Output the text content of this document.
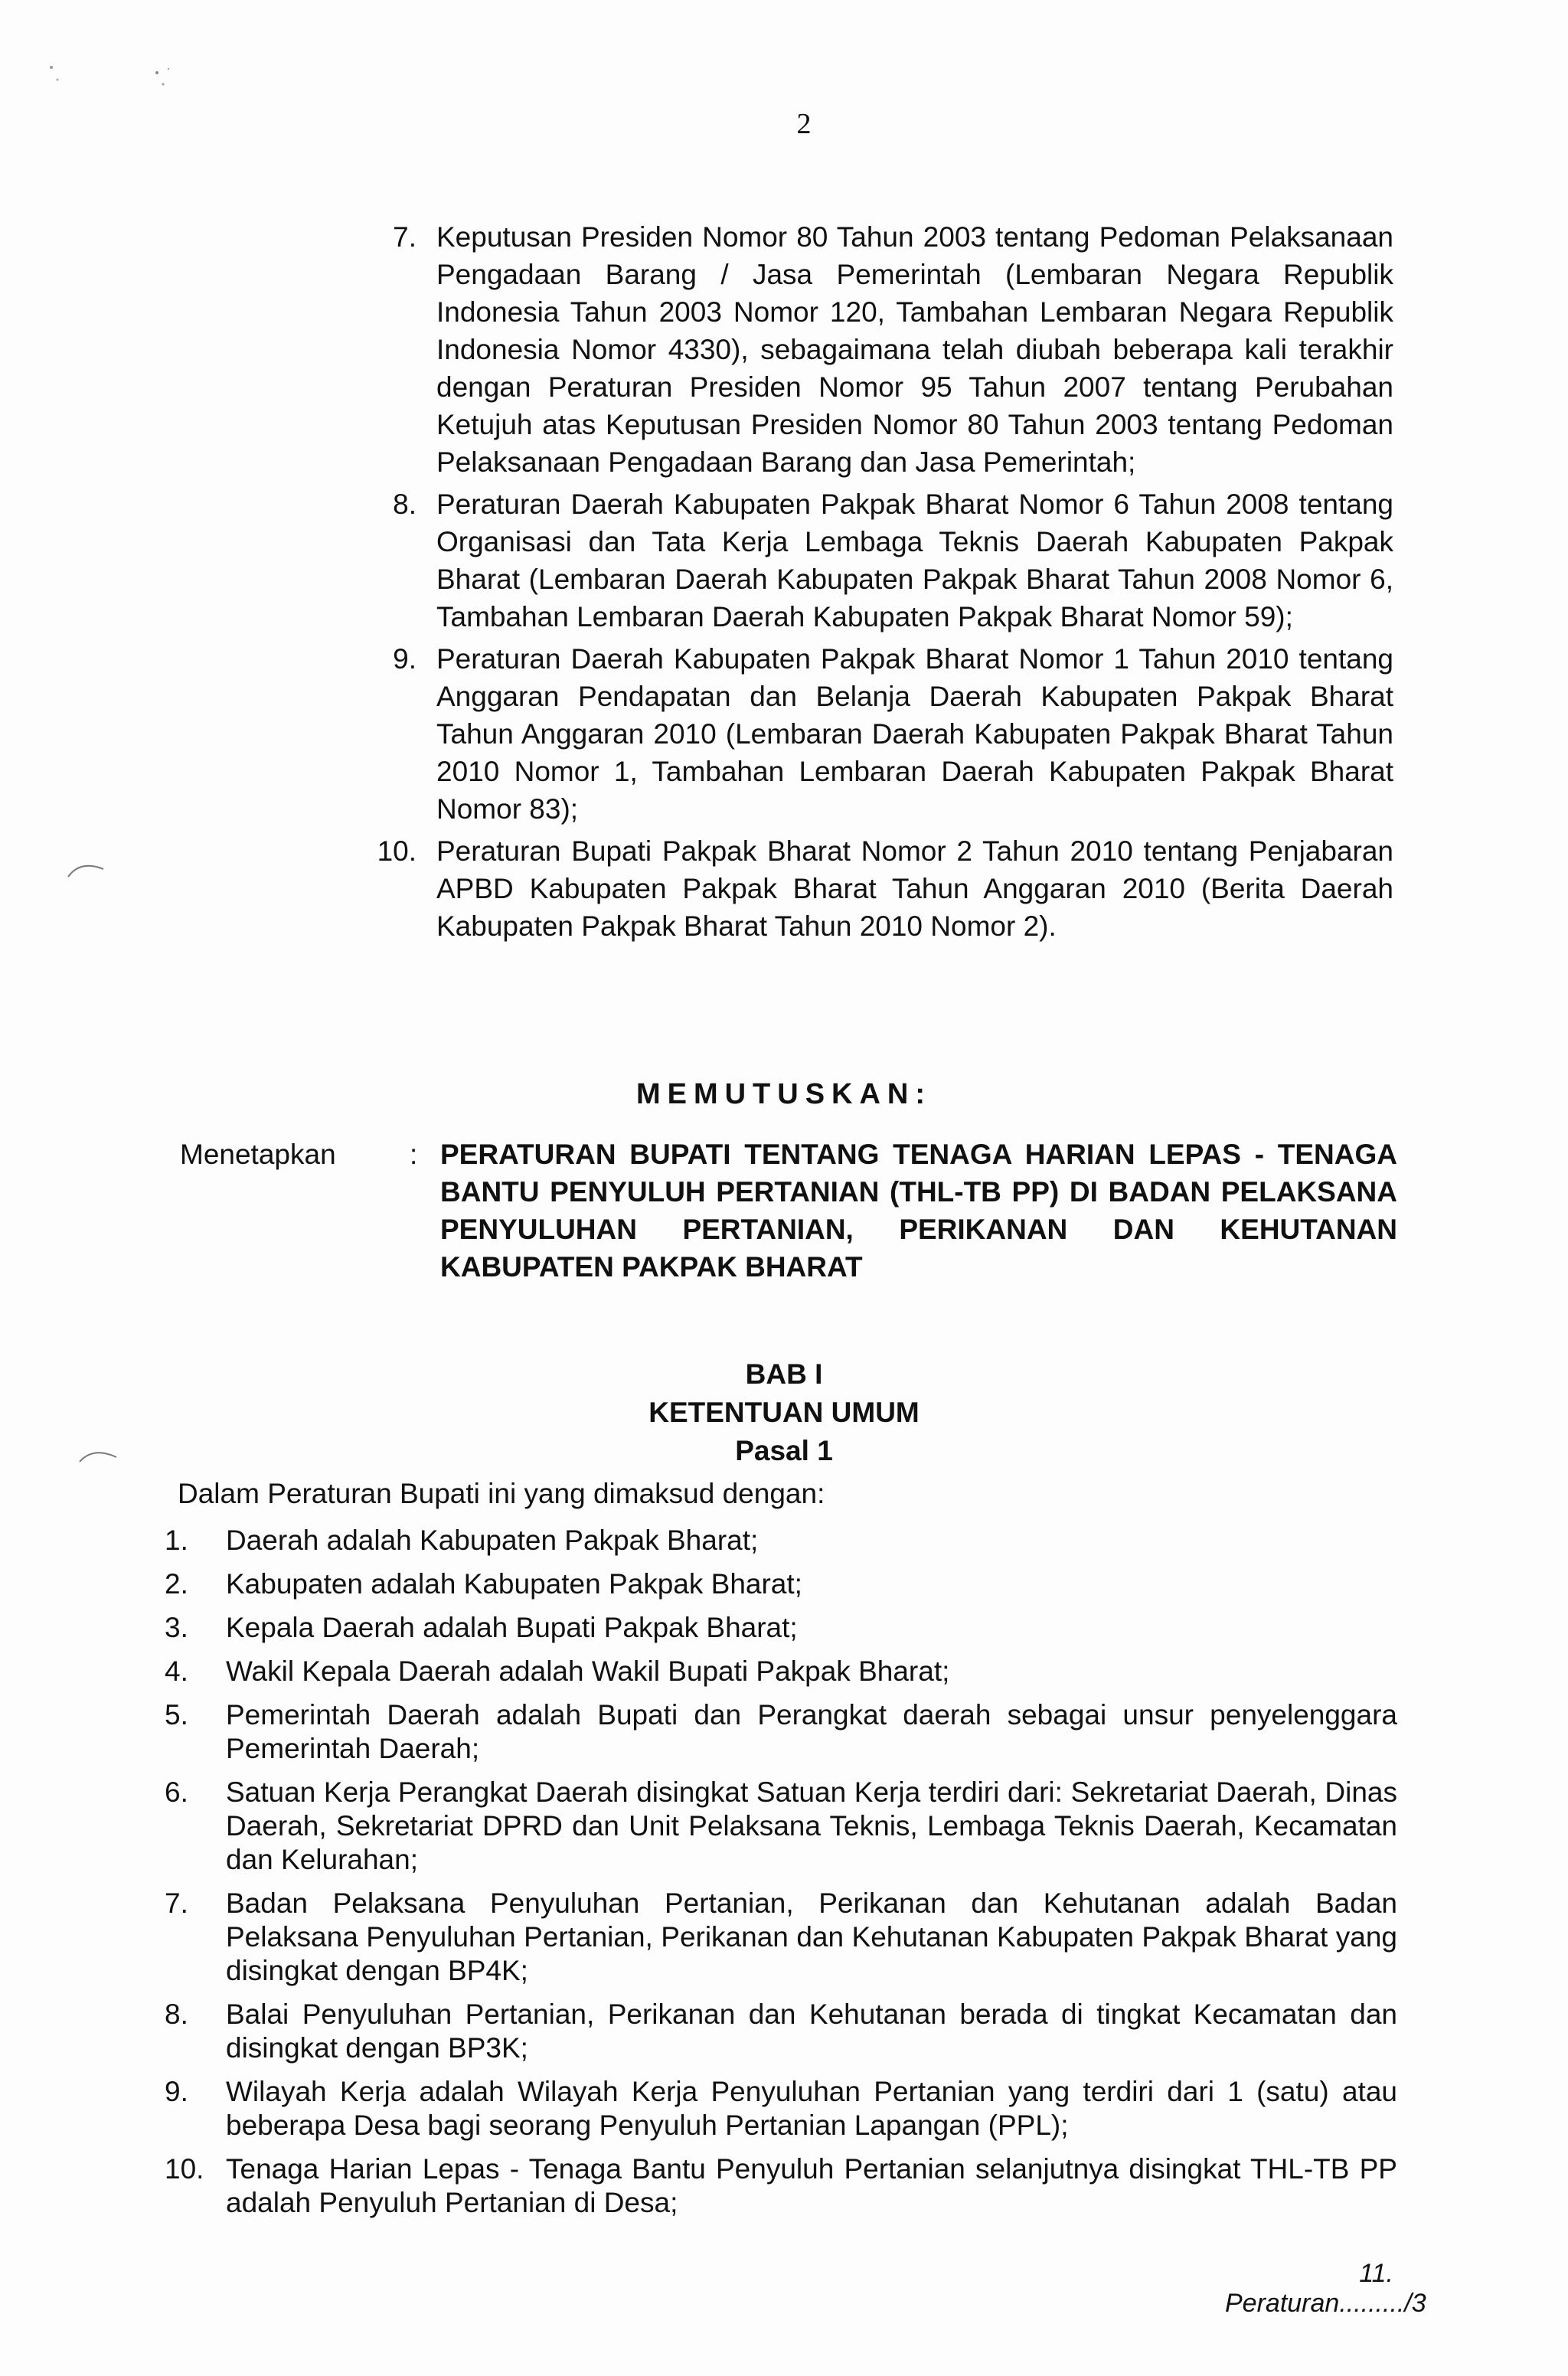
2
7. Keputusan Presiden Nomor 80 Tahun 2003 tentang Pedoman Pelaksanaan Pengadaan Barang / Jasa Pemerintah (Lembaran Negara Republik Indonesia Tahun 2003 Nomor 120, Tambahan Lembaran Negara Republik Indonesia Nomor 4330), sebagaimana telah diubah beberapa kali terakhir dengan Peraturan Presiden Nomor 95 Tahun 2007 tentang Perubahan Ketujuh atas Keputusan Presiden Nomor 80 Tahun 2003 tentang Pedoman Pelaksanaan Pengadaan Barang dan Jasa Pemerintah;
8. Peraturan Daerah Kabupaten Pakpak Bharat Nomor 6 Tahun 2008 tentang Organisasi dan Tata Kerja Lembaga Teknis Daerah Kabupaten Pakpak Bharat (Lembaran Daerah Kabupaten Pakpak Bharat Tahun 2008 Nomor 6, Tambahan Lembaran Daerah Kabupaten Pakpak Bharat Nomor 59);
9. Peraturan Daerah Kabupaten Pakpak Bharat Nomor 1 Tahun 2010 tentang Anggaran Pendapatan dan Belanja Daerah Kabupaten Pakpak Bharat Tahun Anggaran 2010 (Lembaran Daerah Kabupaten Pakpak Bharat Tahun 2010 Nomor 1, Tambahan Lembaran Daerah Kabupaten Pakpak Bharat Nomor 83);
10. Peraturan Bupati Pakpak Bharat Nomor 2 Tahun 2010 tentang Penjabaran APBD Kabupaten Pakpak Bharat Tahun Anggaran 2010 (Berita Daerah Kabupaten Pakpak Bharat Tahun 2010 Nomor 2).
MEMUTUSKAN:
Menetapkan	: PERATURAN BUPATI TENTANG TENAGA HARIAN LEPAS - TENAGA BANTU PENYULUH PERTANIAN (THL-TB PP) DI BADAN PELAKSANA PENYULUHAN PERTANIAN, PERIKANAN DAN KEHUTANAN KABUPATEN PAKPAK BHARAT
BAB I
KETENTUAN UMUM
Pasal 1
Dalam Peraturan Bupati ini yang dimaksud dengan:
1.	Daerah adalah Kabupaten Pakpak Bharat;
2.	Kabupaten adalah Kabupaten Pakpak Bharat;
3.	Kepala Daerah adalah Bupati Pakpak Bharat;
4.	Wakil Kepala Daerah adalah Wakil Bupati Pakpak Bharat;
5.	Pemerintah Daerah adalah Bupati dan Perangkat daerah sebagai unsur penyelenggara Pemerintah Daerah;
6.	Satuan Kerja Perangkat Daerah disingkat Satuan Kerja terdiri dari: Sekretariat Daerah, Dinas Daerah, Sekretariat DPRD dan Unit Pelaksana Teknis, Lembaga Teknis Daerah, Kecamatan dan Kelurahan;
7.	Badan Pelaksana Penyuluhan Pertanian, Perikanan dan Kehutanan adalah Badan Pelaksana Penyuluhan Pertanian, Perikanan dan Kehutanan Kabupaten Pakpak Bharat yang disingkat dengan BP4K;
8.	Balai Penyuluhan Pertanian, Perikanan dan Kehutanan berada di tingkat Kecamatan dan disingkat dengan BP3K;
9.	Wilayah Kerja adalah Wilayah Kerja Penyuluhan Pertanian yang terdiri dari 1 (satu) atau beberapa Desa bagi seorang Penyuluh Pertanian Lapangan (PPL);
10. Tenaga Harian Lepas - Tenaga Bantu Penyuluh Pertanian selanjutnya disingkat THL-TB PP adalah Penyuluh Pertanian di Desa;
11. Peraturan........./3
